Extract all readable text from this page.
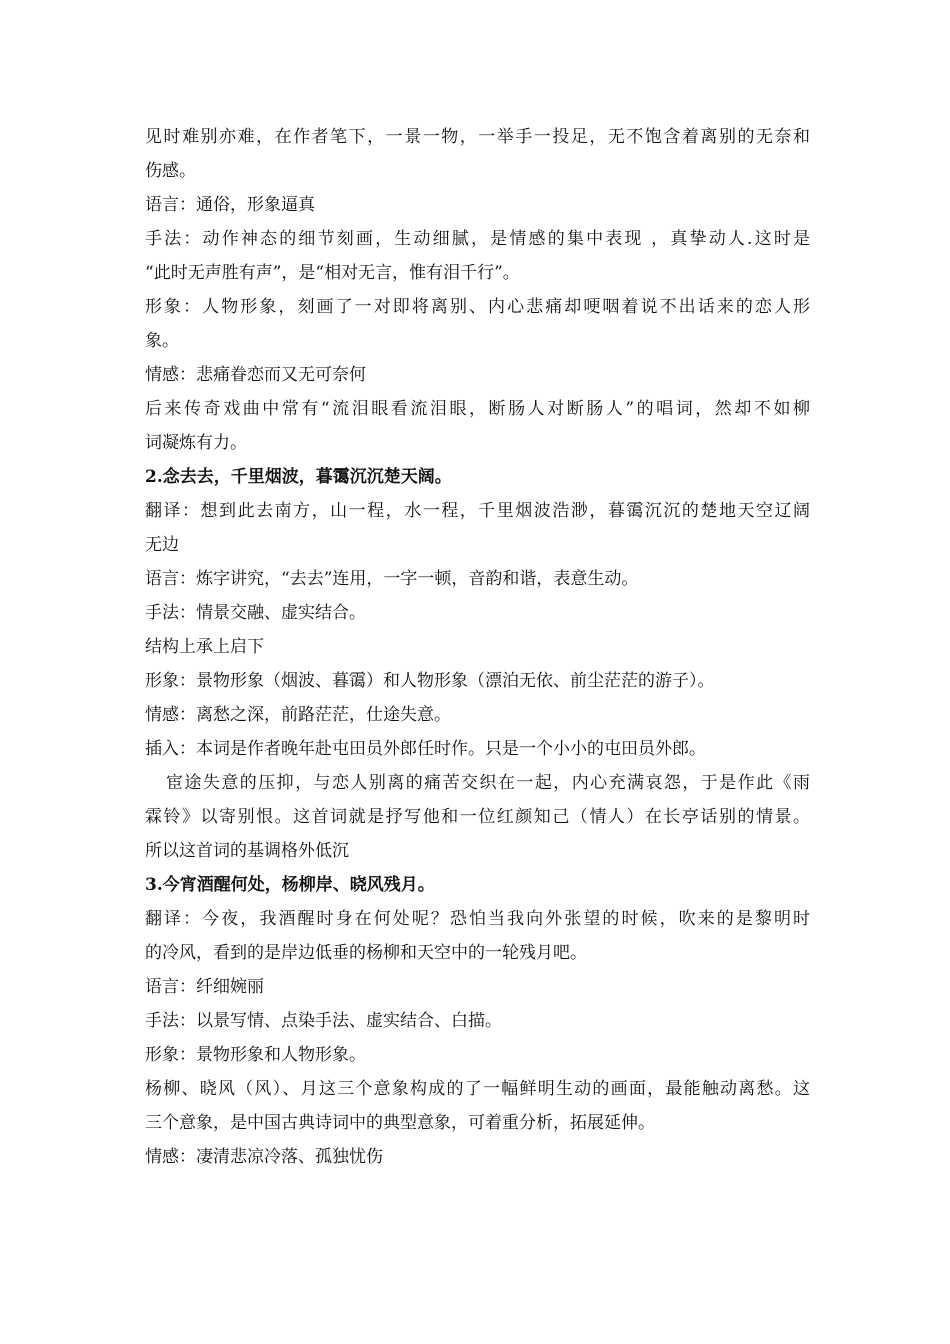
见时难别亦难，在作者笔下，一景一物，一举手一投足，无不饱含着离别的无奈和

伤感。

语言：通俗，形象逼真

手法：动作神态的细节刻画，生动细腻，是情感的集中表现 ，真挚动人.这时是

“此时无声胜有声”，是“相对无言，惟有泪千行”。

形象：人物形象，刻画了一对即将离别、内心悲痛却哽咽着说不出话来的恋人形

象。

情感：悲痛眷恋而又无可奈何

后来传奇戏曲中常有“流泪眼看流泪眼，断肠人对断肠人”的唱词，然却不如柳

词凝炼有力。

2.念去去，千里烟波，暮霭沉沉楚天阔。

翻译：想到此去南方，山一程，水一程，千里烟波浩渺，暮霭沉沉的楚地天空辽阔

无边

语言：炼字讲究，“去去”连用，一字一顿，音韵和谐，表意生动。

手法：情景交融、虚实结合。

结构上承上启下

形象：景物形象（烟波、暮霭）和人物形象（漂泊无依、前尘茫茫的游子）。

情感：离愁之深，前路茫茫，仕途失意。

插入：本词是作者晚年赴屯田员外郎任时作。只是一个小小的屯田员外郎。

宦途失意的压抑，与恋人别离的痛苦交织在一起，内心充满哀怨，于是作此《雨

霖铃》以寄别恨。这首词就是抒写他和一位红颜知己（情人）在长亭话别的情景。

所以这首词的基调格外低沉

3.今宵酒醒何处，杨柳岸、晓风残月。

翻译：今夜，我酒醒时身在何处呢？恐怕当我向外张望的时候，吹来的是黎明时

的冷风，看到的是岸边低垂的杨柳和天空中的一轮残月吧。

语言：纤细婉丽

手法：以景写情、点染手法、虚实结合、白描。

形象：景物形象和人物形象。

杨柳、晓风（风）、月这三个意象构成的了一幅鲜明生动的画面，最能触动离愁。这

三个意象，是中国古典诗词中的典型意象，可着重分析，拓展延伸。

情感：凄清悲凉冷落、孤独忧伤
